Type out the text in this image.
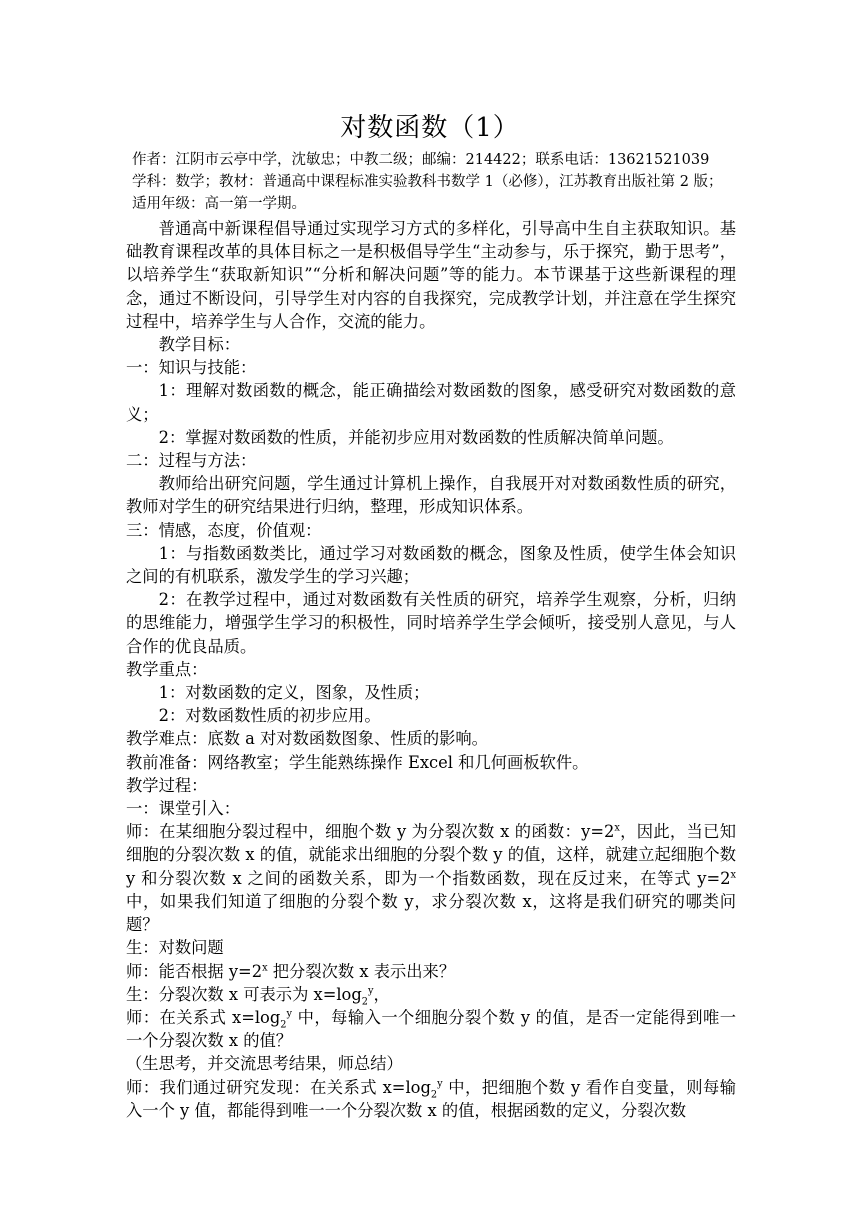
对数函数（1）
作者：江阴市云亭中学，沈敏忠；中教二级；邮编：214422；联系电话：13621521039
学科：数学；教材：普通高中课程标准实验教科书数学 1（必修），江苏教育出版社第 2 版；
适用年级：高一第一学期。

普通高中新课程倡导通过实现学习方式的多样化，引导高中生自主获取知识。基础教育课程改革的具体目标之一是积极倡导学生“主动参与，乐于探究，勤于思考”，以培养学生“获取新知识”“分析和解决问题”等的能力。本节课基于这些新课程的理念，通过不断设问，引导学生对内容的自我探究，完成教学计划，并注意在学生探究过程中，培养学生与人合作，交流的能力。

教学目标：

一：知识与技能：

1：理解对数函数的概念，能正确描绘对数函数的图象，感受研究对数函数的意义；

2：掌握对数函数的性质，并能初步应用对数函数的性质解决简单问题。

二：过程与方法：

教师给出研究问题，学生通过计算机上操作，自我展开对对数函数性质的研究，教师对学生的研究结果进行归纳，整理，形成知识体系。

三：情感，态度，价值观：

1：与指数函数类比，通过学习对数函数的概念，图象及性质，使学生体会知识之间的有机联系，激发学生的学习兴趣；

2：在教学过程中，通过对数函数有关性质的研究，培养学生观察，分析，归纳的思维能力，增强学生学习的积极性，同时培养学生学会倾听，接受别人意见，与人合作的优良品质。

教学重点：

1：对数函数的定义，图象，及性质；

2：对数函数性质的初步应用。

教学难点：底数 a 对对数函数图象、性质的影响。

教前准备：网络教室；学生能熟练操作 Excel 和几何画板软件。

教学过程：

一：课堂引入：

师：在某细胞分裂过程中，细胞个数 y 为分裂次数 x 的函数：$y=2^x$，因此，当已知细胞的分裂次数 x 的值，就能求出细胞的分裂个数 y 的值，这样，就建立起细胞个数 y 和分裂次数 x 之间的函数关系，即为一个指数函数，现在反过来，在等式 $y=2^x$ 中，如果我们知道了细胞的分裂个数 y，求分裂次数 x，这将是我们研究的哪类问题？

生：对数问题

师：能否根据 $y=2^x$ 把分裂次数 x 表示出来？

生：分裂次数 x 可表示为 $x=\log_2^y$，

师：在关系式 $x=\log_2^y$ 中，每输入一个细胞分裂个数 y 的值，是否一定能得到唯一一个分裂次数 x 的值？

（生思考，并交流思考结果，师总结）

师：我们通过研究发现：在关系式 $x=\log_2^y$ 中，把细胞个数 y 看作自变量，则每输入一个 y 值，都能得到唯一一个分裂次数 x 的值，根据函数的定义，分裂次数
